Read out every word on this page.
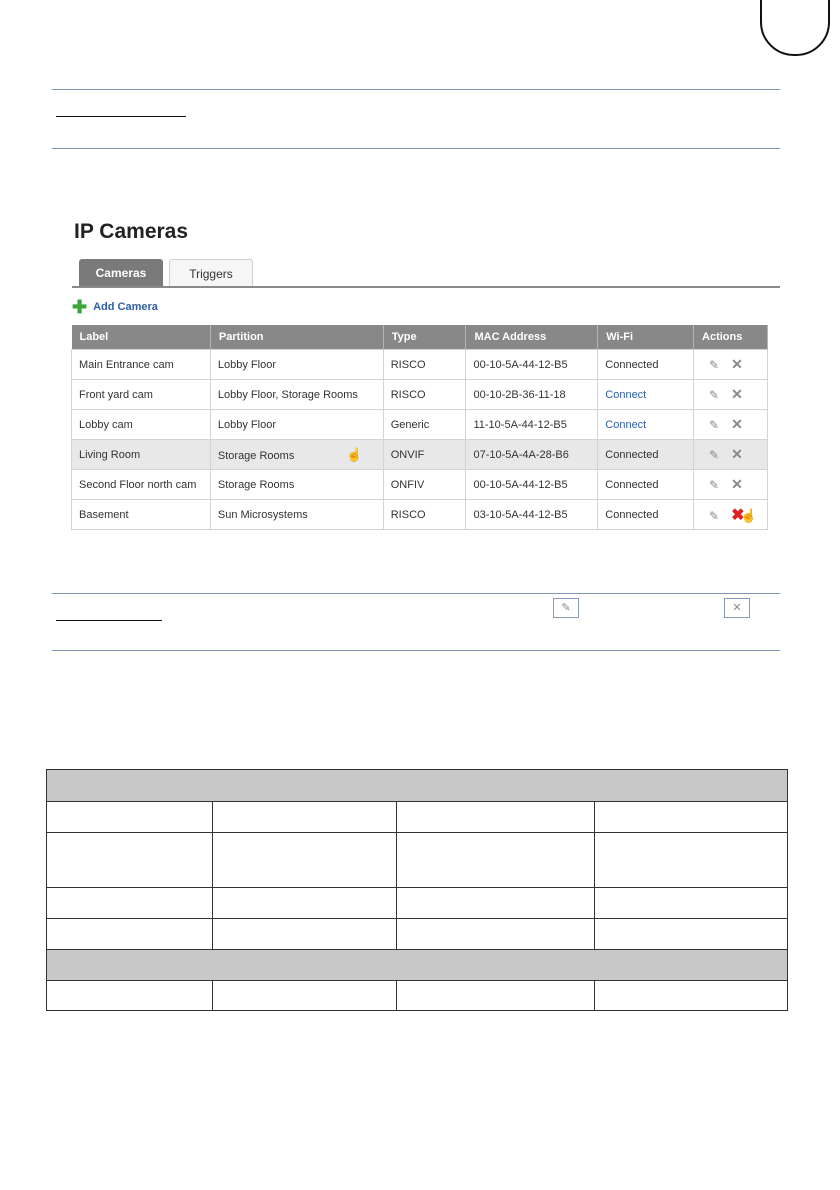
IP Cameras
Cameras	Triggers
✚ Add Camera
Label	Partition	Type	MAC Address	Wi-Fi	Actions
Main Entrance cam	Lobby Floor	RISCO	00-10-5A-44-12-B5	Connected	✎ ✕
Front yard cam	Lobby Floor, Storage Rooms	RISCO	00-10-2B-36-11-18	Connect	✎ ✕
Lobby cam	Lobby Floor	Generic	11-10-5A-44-12-B5	Connect	✎ ✕
Living Room	Storage Rooms ☝	ONVIF	07-10-5A-4A-28-B6	Connected	✎ ✕
Second Floor north cam	Storage Rooms	ONFIV	00-10-5A-44-12-B5	Connected	✎ ✕
Basement	Sun Microsystems	RISCO	03-10-5A-44-12-B5	Connected	✎ ✖☝
✎	✕
